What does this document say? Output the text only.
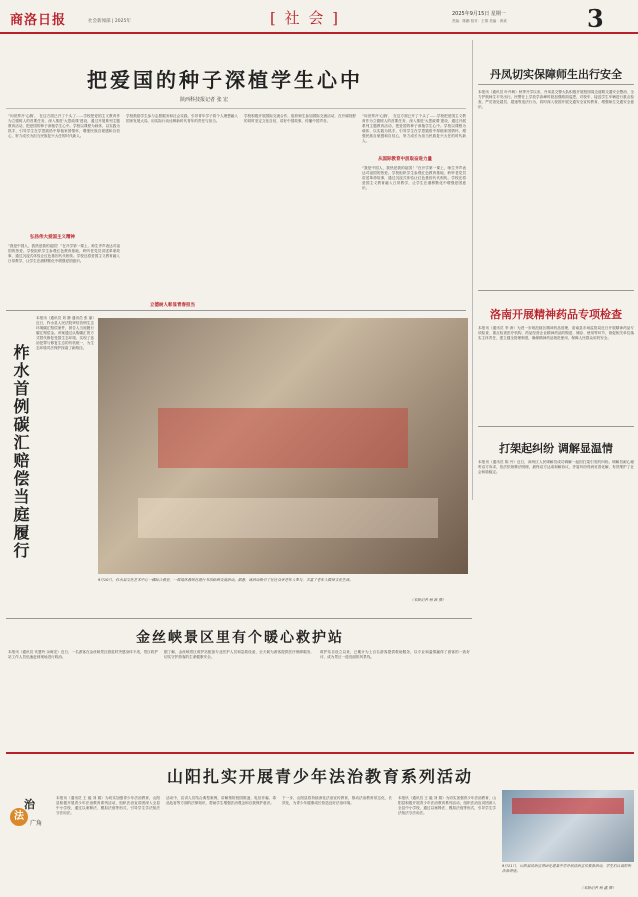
商洛日报	社会新闻部 | 2025年	[ 社 会 ]	2025年9月15日 星期一
责编：陈鹏 校对：王倩 美编：黄欢	3
把爱国的种子深植学生心中
陕西科技报记者 张 宏
“向世界开‘心胸’， 在这方面已开了个头了……学校把爱国主义教育作为立德树人的首要任务，深入推进‘大思政课’建设，通过开展系列主题教育活动，把爱国的种子深植学生心中。学校以课程为载体，以实践为抓手，引导学生在学思践悟中厚植家国情怀，增强民族自豪感和自信心，努力成长为担当民族复兴大任的时代新人。
弘扬伟大爱国主义精神
“我是中国人，我热爱我的祖国！”在开学第一课上，师生齐声表达对祖国的热爱。学校组织学生参观红色教育基地，聆听老党员讲述革命故事，通过沉浸式体验让红色基因代代相传。学校还将爱国主义教育融入日常教学，让学生在潜移默化中增强爱国意识。
学校鼓励学生参与志愿服务和社会实践，引导青年学子将个人理想融入国家发展大局，用实际行动诠释新时代青年的责任与担当。
立德树人彰显青春担当
学校积极开展国际交流合作，组织师生参加国际交流活动，在开阔视野的同时坚定文化自信，讲好中国故事，传播中国声音。
“向世界开‘心胸’， 在这方面已开了个头了……学校把爱国主义教育作为立德树人的首要任务，深入推进‘大思政课’建设，通过开展系列主题教育活动，把爱国的种子深植学生心中。学校以课程为载体，以实践为抓手，引导学生在学思践悟中厚植家国情怀，增强民族自豪感和自信心，努力成长为担当民族复兴大任的时代新人。
从国际教育中汲取奋进力量
“我是中国人，我热爱我的祖国！”在开学第一课上，师生齐声表达对祖国的热爱。学校组织学生参观红色教育基地，聆听老党员讲述革命故事，通过沉浸式体验让红色基因代代相传。学校还将爱国主义教育融入日常教学，让学生在潜移默化中增强爱国意识。
丹凤切实保障师生出行安全
本报讯（通讯员 叶丹枫）秋季开学以来，丹凤县交警大队积极开展校园周边道路交通安全整治，全力护航师生平安出行。民警在上学放学高峰时段加强路面巡逻，对校车、接送学生车辆进行重点检查，严厉查处超员、超速等违法行为，同时深入校园开展交通安全宣传教育，增强师生交通安全意识。
洛南开展精神药品专项检查
本报讯（通讯员 李 涛）为进一步规范辖区精神药品管理，洛南县市场监管局近日开展精神药品专项检查，重点检查医疗机构、药品经营企业精神药品的购进、储存、使用等环节，督促相关单位落实主体责任，建立健全管理制度，确保精神药品规范使用，保障人民群众用药安全。
打架起纠纷 调解显温情
本报讯（通讯员 陈 丹）近日，商州区人民调解员成功调解一起因打架引发的纠纷。调解员耐心倾听双方诉求，依法依规释法明理，最终双方达成和解协议，矛盾纠纷得到妥善化解，有效维护了社会和谐稳定。
柞水首例碳汇赔偿当庭履行
本报讯（通讯员 刘 静 通讯员 张 丽）近日，柞水县人民法院审结首例生态环境碳汇赔偿案件，被告人当庭履行碳汇赔偿金。该案通过认购碳汇的方式替代修复受损生态环境，实现了惩治犯罪与修复生态的有机统一，为生态环境司法保护探索了新路径。
9月10日，柞水县文化艺术中心一楼综合教室，一群退休教师在进行书法绘画交流活动。据悉，该活动吸引了社区众多老年人参与，丰富了老年人精神文化生活。
（本报记者 杨 跃 摄）
金丝峡景区里有个暖心救护站
本报讯（通讯员 代慧玲 余海龙）近日，一名游客在金丝峡景区游览时突感身体不适，景区救护站工作人员迅速赶到现场进行救治。
据了解，金丝峡景区救护站配备专业医护人员和急救设备，全天候为游客提供医疗保障服务，切实守护游客的生命健康安全。
救护站自设立以来，已累计为上百名游客提供救助服务，以专业和温情赢得了游客的一致好评，成为景区一道亮丽的风景线。
山阳扎实开展青少年法治教育系列活动
法
治
广角
本报讯（通讯员 王 毅 刘 娟）为切实加强青少年法治教育，山阳县积极开展青少年法治教育系列活动，组织法治宣讲团深入全县中小学校，通过以案释法、模拟法庭等形式，引导学生学法知法守法用法。
活动中，宣讲人员结合典型案例，讲解预防校园欺凌、电信诈骗、毒品危害等方面的法律知识，帮助学生增强法治观念和自我保护意识。
下一步，山阳县将持续深化法治宣传教育，推动法治教育常态化、长效化，为青少年健康成长营造良好法治环境。
本报讯（通讯员 王 毅 刘 娟）为切实加强青少年法治教育，山阳县积极开展青少年法治教育系列活动，组织法治宣讲团深入全县中小学校，通过以案释法、模拟法庭等形式，引导学生学法知法守法用法。
9月11日，山阳县法治宣讲团走进某中学开展法治宣传教育活动，学生们认真聆听法治讲座。
（本报记者 杨 鑫 摄）
